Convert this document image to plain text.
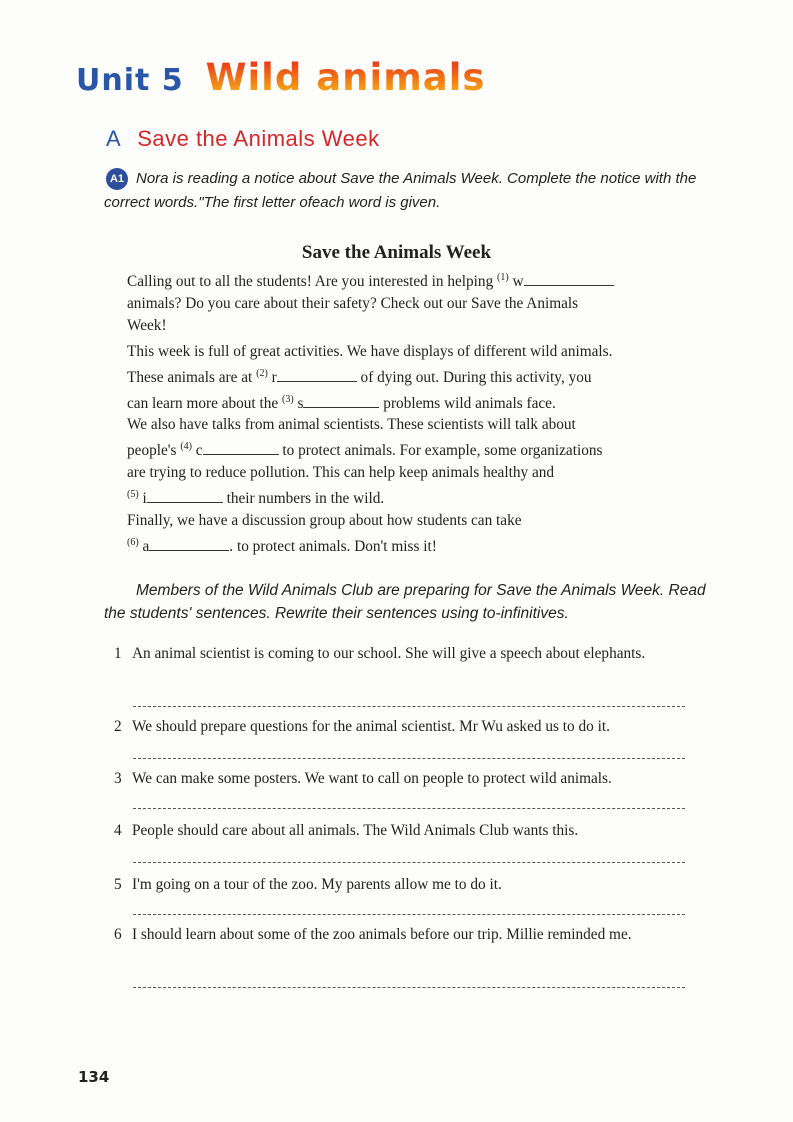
Unit 5 Wild animals
A Save the Animals Week
A1 Nora is reading a notice about Save the Animals Week. Complete the notice with the
correct words."The first letter ofeach word is given.
Save the Animals Week
Calling out to all the students! Are you interested in helping $^{(1)}$ w
animals? Do you care about their safety? Check out our Save the Animals
Week!
This week is full of great activities. We have displays of different wild animals.
These animals are at $^{(2)}$ r	of dying out. During this activity, you
can learn more about the $^{(3)}$ s	problems wild animals face.
We also have talks from animal scientists. These scientists will talk about
people's $^{(4)}$ c	to protect animals. For example, some organizations
are trying to reduce pollution. This can help keep animals healthy and
$^{(5)}$ i	their numbers in the wild.
Finally, we have a discussion group about how students can take
$^{(6)}$ a	. to protect animals. Don't miss it!
Members of the Wild Animals Club are preparing for Save the Animals Week. Read
the students' sentences. Rewrite their sentences using to-infinitives.
1 An animal scientist is coming to our school. She will give a speech about elephants.
2 We should prepare questions for the animal scientist. Mr Wu asked us to do it.
3 We can make some posters. We want to call on people to protect wild animals.
4 People should care about all animals. The Wild Animals Club wants this.
5 I'm going on a tour of the zoo. My parents allow me to do it.
6 I should learn about some of the zoo animals before our trip. Millie reminded me.
134
